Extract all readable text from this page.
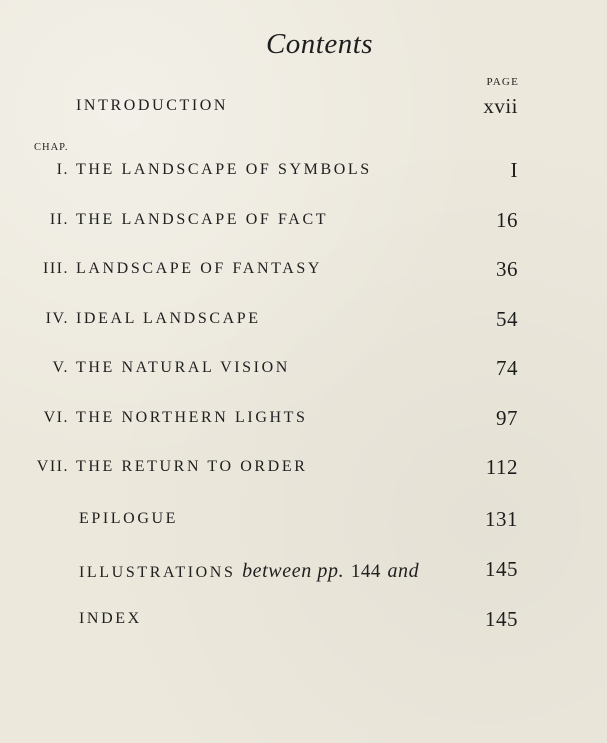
Contents
PAGE
INTRODUCTION	xvii
CHAP.
I. THE LANDSCAPE OF SYMBOLS	I
II. THE LANDSCAPE OF FACT	16
III. LANDSCAPE OF FANTASY	36
IV. IDEAL LANDSCAPE	54
V. THE NATURAL VISION	74
VI. THE NORTHERN LIGHTS	97
VII. THE RETURN TO ORDER	112
EPILOGUE	131
ILLUSTRATIONS between pp. 144 and	145
INDEX	145
